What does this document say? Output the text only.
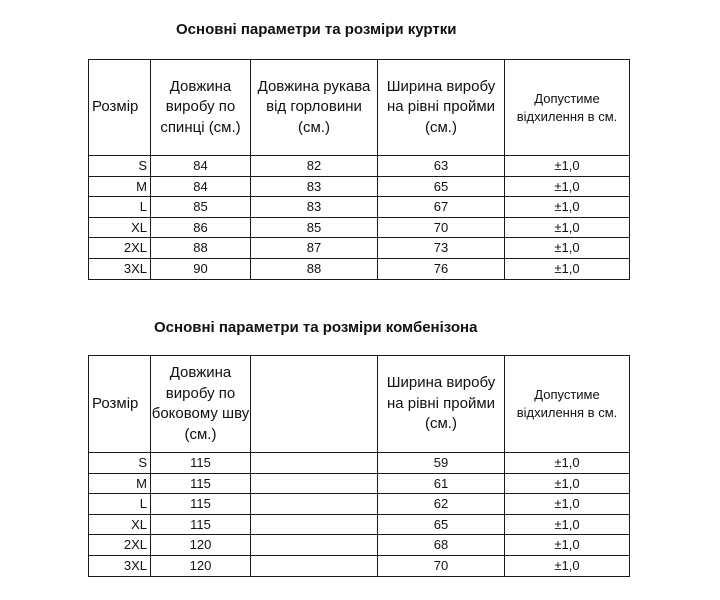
Основні параметри та розміри куртки
Розмір	Довжина виробу по спинці (см.)	Довжина рукава від горловини (см.)	Ширина виробу на рівні пройми (см.)	Допустиме відхилення в см.
S	84	82	63	±1,0
M	84	83	65	±1,0
L	85	83	67	±1,0
XL	86	85	70	±1,0
2XL	88	87	73	±1,0
3XL	90	88	76	±1,0
Основні параметри та розміри комбенізона
Розмір	Довжина виробу по боковому шву (см.)		Ширина виробу на рівні пройми (см.)	Допустиме відхилення в см.
S	115		59	±1,0
M	115		61	±1,0
L	115		62	±1,0
XL	115		65	±1,0
2XL	120		68	±1,0
3XL	120		70	±1,0
